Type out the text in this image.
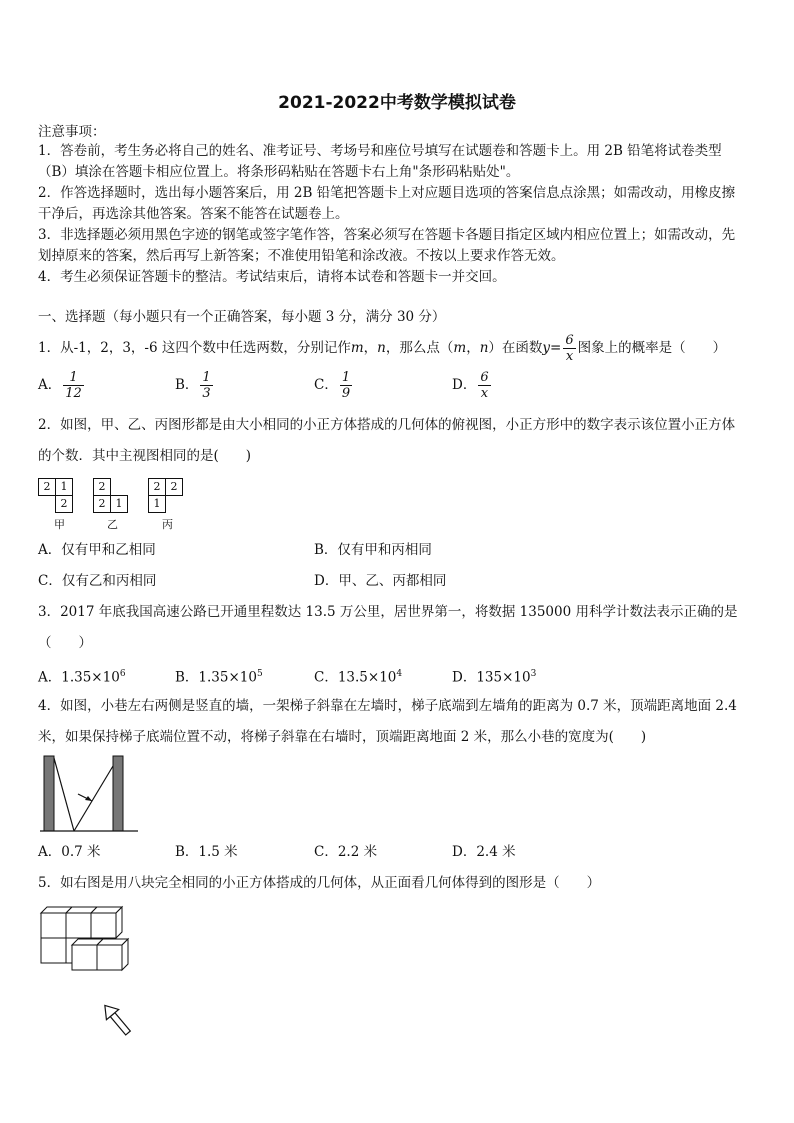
2021-2022中考数学模拟试卷
注意事项：
1．答卷前，考生务必将自己的姓名、准考证号、考场号和座位号填写在试题卷和答题卡上。用 2B 铅笔将试卷类型
（B）填涂在答题卡相应位置上。将条形码粘贴在答题卡右上角"条形码粘贴处"。
2．作答选择题时，选出每小题答案后，用 2B 铅笔把答题卡上对应题目选项的答案信息点涂黑；如需改动，用橡皮擦
干净后，再选涂其他答案。答案不能答在试题卷上。
3．非选择题必须用黑色字迹的钢笔或签字笔作答，答案必须写在答题卡各题目指定区域内相应位置上；如需改动，先
划掉原来的答案，然后再写上新答案；不准使用铅笔和涂改液。不按以上要求作答无效。
4．考生必须保证答题卡的整洁。考试结束后，请将本试卷和答题卡一并交回。
一、选择题（每小题只有一个正确答案，每小题 3 分，满分 30 分）
1．从-1，2，3，-6 这四个数中任选两数，分别记作m，n，那么点（m，n）在函数$y= \frac{6}{x}$ 图象上的概率是（　　）
A． $\frac{1}{12}$	B． $\frac{1}{3}$	C． $\frac{1}{9}$	D． $\frac{6}{x}$
2．如图，甲、乙、丙图形都是由大小相同的小正方体搭成的几何体的俯视图，小正方形中的数字表示该位置小正方体
的个数．其中主视图相同的是(　　)
2	1
	2
甲
2	
2	1
乙
2	2
1	
丙
A．仅有甲和乙相同	B．仅有甲和丙相同
C．仅有乙和丙相同	D．甲、乙、丙都相同
3．2017 年底我国高速公路已开通里程数达 13.5 万公里，居世界第一，将数据 135000 用科学计数法表示正确的是
（　　）
A．$1.35\times 10^6$	B．$1.35\times 10^5$	C．$13.5\times 10^4$	D．$135\times 10^3$
4．如图，小巷左右两侧是竖直的墙，一架梯子斜靠在左墙时，梯子底端到左墙角的距离为 0.7 米，顶端距离地面 2.4
米，如果保持梯子底端位置不动，将梯子斜靠在右墙时，顶端距离地面 2 米，那么小巷的宽度为(　　)
A．0.7 米	B．1.5 米	C．2.2 米	D．2.4 米
5．如右图是用八块完全相同的小正方体搭成的几何体，从正面看几何体得到的图形是（　　）
